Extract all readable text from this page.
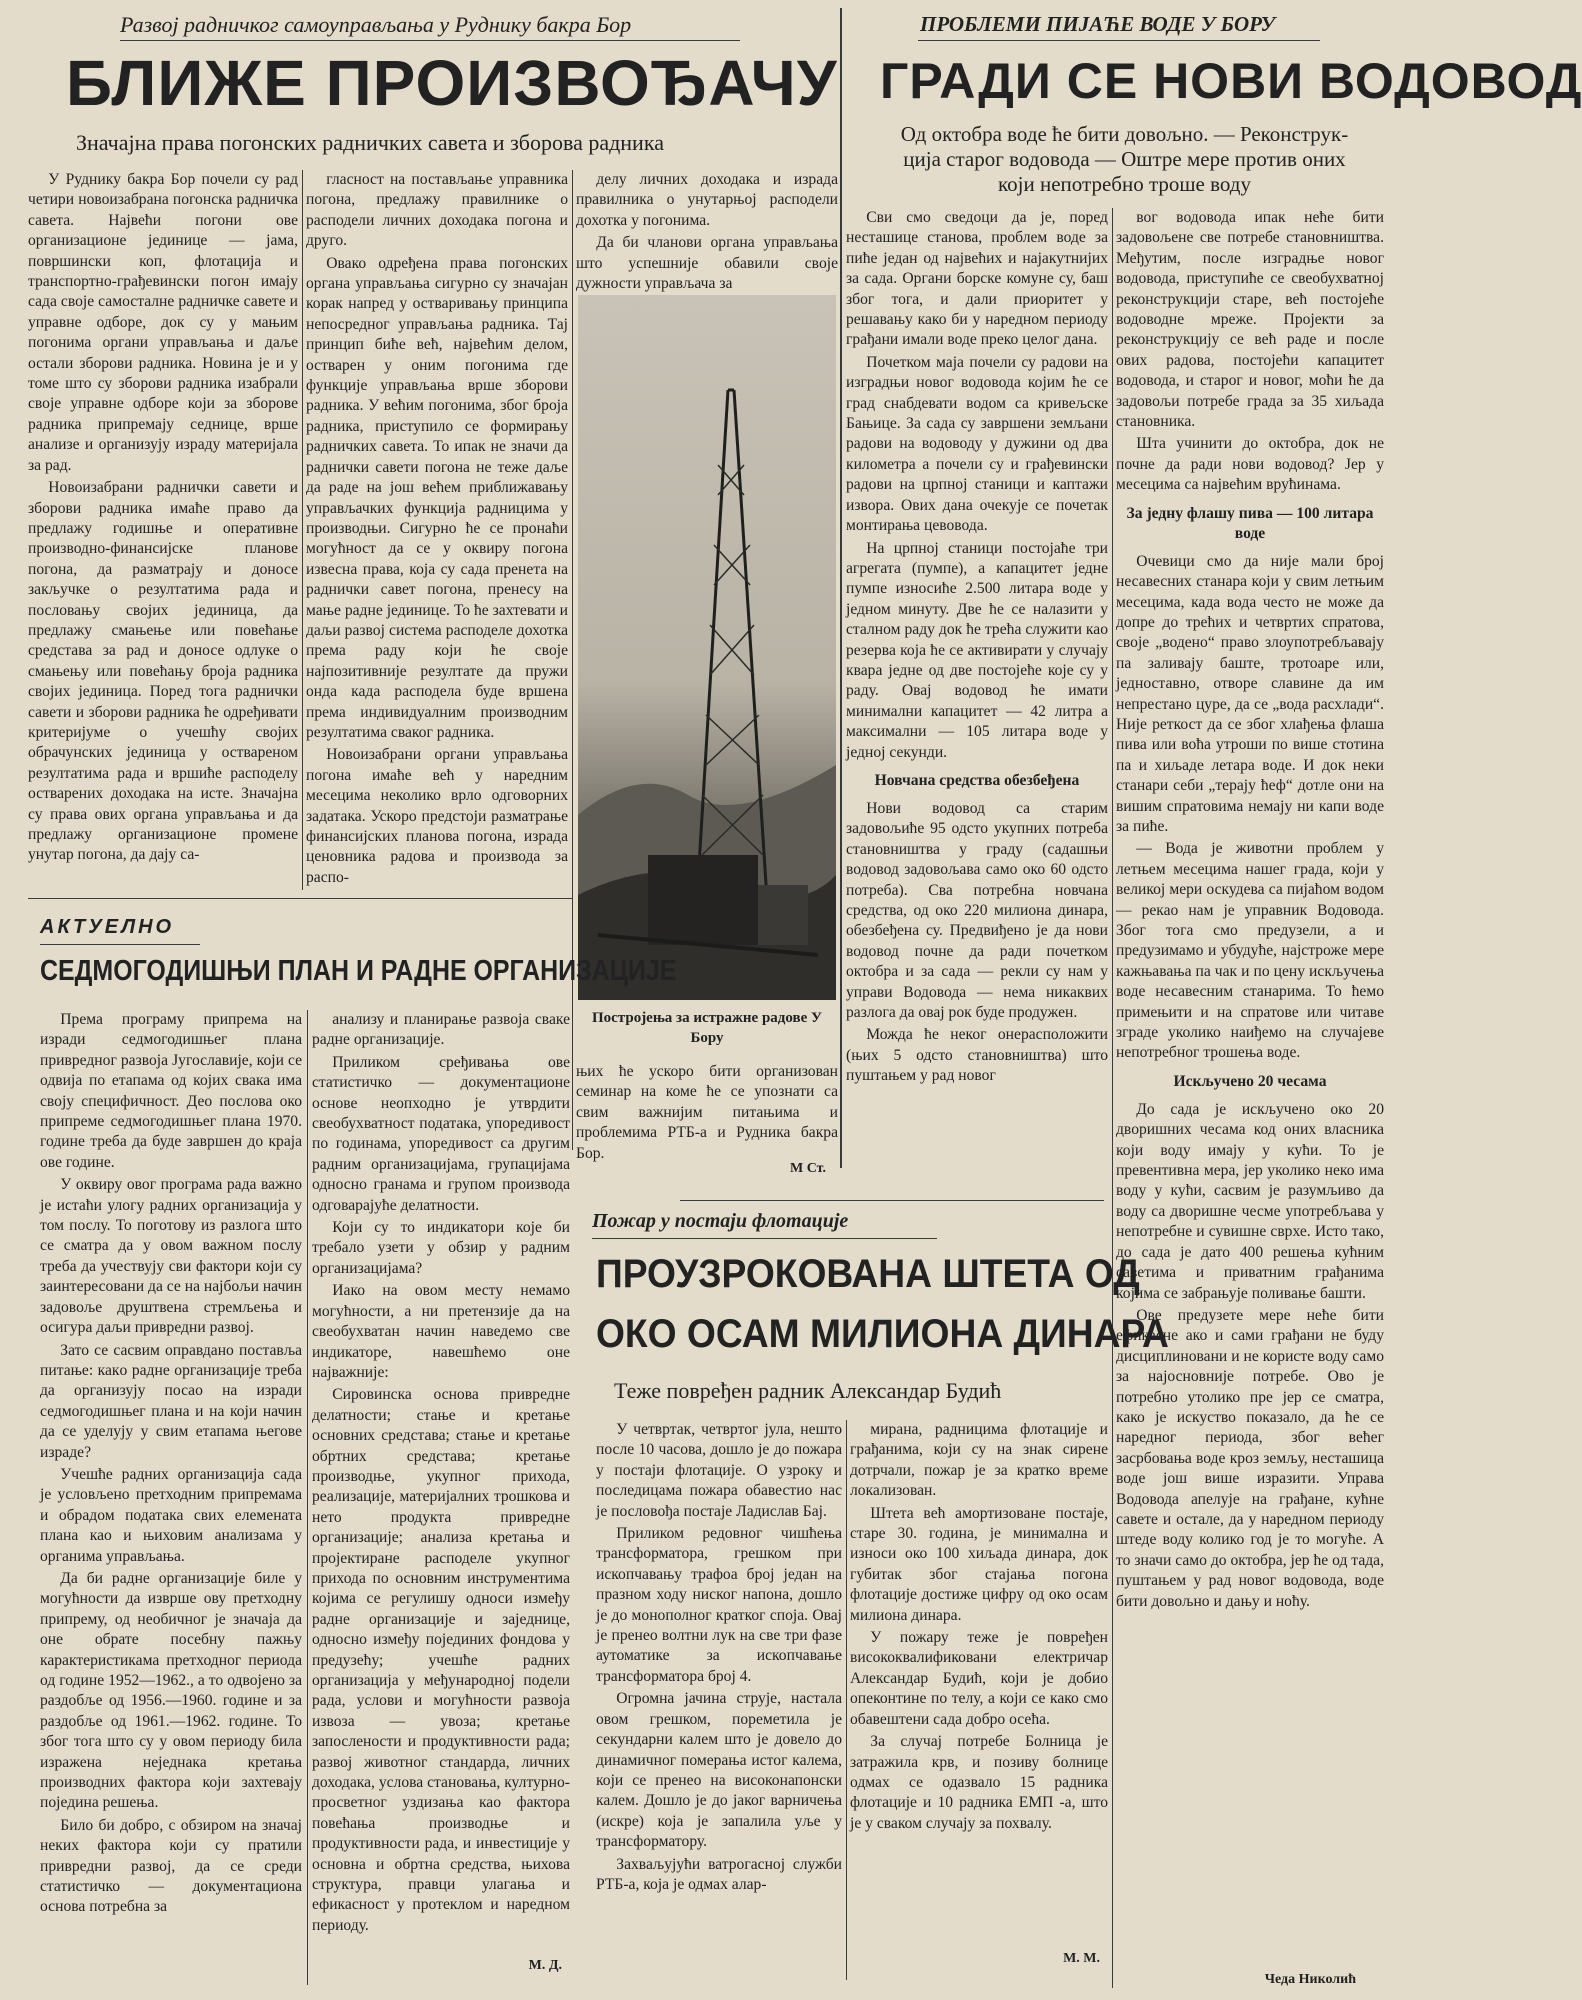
Развој радничког самоуправљања у Руднику бакра Бор
БЛИЖЕ ПРОИЗВОЂАЧУ
Значајна права погонских радничких савета и зборова радника

У Руднику бакра Бор почели су рад четири новоизабрана погонска радничка савета. Највећи погони ове организационе јединице — јама, површински коп, флотација и транспортно-грађевински погон имају сада своје самосталне радничке савете и управне одборе, док су у мањим погонима органи управљања и даље остали збoрови радника. Новина је и у томе што су зборови радника изабрали своје управне одборе који за зборове радника припремају седнице, врше анализе и организују израду материјала за рад.

Новоизабрани раднички савети и зборови радника имаће право да предлажу годишње и оперативне производно-финансијске планове погона, да разматрају и доносе закључке о резултатима рада и пословању својих јединица, да предлажу смањење или повећање средстава за рад и доносе одлуке о смањењу или повећању броја радника својих јединица. Поред тога раднички савети и зборови радника ће одређивати критеријуме о учешћу својих обрачунских јединица у оствареном резултатима рада и вршиће расподелу остварених доходака на исте. Значајна су права ових органа управљања и да предлажу организационе промене унутар погона, да дају са-

гласност на постављање управника погона, предлажу правилнике о расподели личних доходака погона и друго.

Овако одређена права погонских органа управљања сигурно су значајан корак напред у остваривању принципа непосредног управљања радника. Тај принцип биће већ, највећим делом, остварен у оним погонима где функције управљања врше зборови радника. У већим погонима, због броја радника, приступило се формирању радничких савета. То ипак не значи да раднички савети погона не теже даље да раде на још већем приближавању управљачких функција радницима у производњи. Сигурно ће се пронаћи могућност да се у оквиру погона извесна права, која су сада пренета на раднички савет погона, пренесу на мање радне јединице. То ће захтевати и даљи развој система расподеле дохотка према раду који ће своје најпозитивније резултате да пружи онда када расподела буде вршена према индивидуалним производним резултатима сваког радника.

Новоизабрани органи управљања погона имаће већ у наредним месецима неколико врло одговорних задатака. Ускоро предстоји разматрање финансијских планова погона, израда ценовника радова и производа за распо-

делу личних доходака и израда правилника о унутарњој расподели дохотка у погонима.

Да би чланови органа управљања што успешније обавили своје дужности управљача за

Постројења за истражне радове У Бору

њих ће ускоро бити организован семинар на коме ће се упознати са свим важнијим питањима и проблемима РТБ-а и Рудника бакра Бор.

М Ст.
ПРОБЛЕМИ ПИЈАЋЕ ВОДЕ У БОРУ
ГРАДИ СЕ НОВИ ВОДОВОД
Од октобра воде ће бити довољно. — Реконструк-
ција старог водовода — Оштре мере против оних
који непотребно троше воду

Сви смо сведоци да је, поред несташице станова, проблем воде за пиће један од највећих и најакутнијих за сада. Органи борске комуне су, баш због тога, и дали приоритет у решавању како би у наредном периоду грађани имали воде преко целог дана.

Почетком маја почели су радови на изградњи новог водовода којим ће се град снабдевати водом са кривељске Бањице. За сада су завршени земљани радови на водоводу у дужини од два километра а почели су и грађевински радови на црпној станици и каптажи извора. Ових дана очекује се почетак монтирања цевовода.

На црпној станици постојаће три агрегата (пумпе), а капацитет једне пумпе износиће 2.500 литара воде у једном минуту. Две ће се налазити у сталном раду док ће трећа служити као резерва која ће се активирати у случају квара једне од две постојеће које су у раду. Овај водовод ће имати минимални капацитет — 42 литра а максимални — 105 литара воде у једној секунди.

Новчана средства обезбеђена

Нови водовод са старим задовољиће 95 одсто укупних потреба становништва у граду (садашњи водовод задовољава само око 60 одсто потреба). Сва потребна новчана средства, од око 220 милиона динара, обезбеђена су. Предвиђено је да нови водовод почне да ради почетком октобра и за сада — рекли су нам у управи Водовода — нема никаквих разлога да овај рок буде продужен.

Можда ће неког онерасположити (њих 5 одсто становништва) што пуштањем у рад новог

вог водовода ипак неће бити задовољене све потребе становништва. Међутим, после изградње новог водовода, приступиће се свеобухватној реконструкцији старе, већ постојеће водоводне мреже. Пројекти за реконструкцију се већ раде и после ових радова, постојећи капацитет водовода, и старог и новог, моћи ће да задовољи потребе града за 35 хиљада становника.

Шта учинити до октобра, док не почне да ради нови водовод? Јер у месецима са највећим врућинама.

За једну флашу пива — 100 литара воде

Очевици смо да није мали број несавесних станара који у свим летњим месецима, када вода често не може да допре до трећих и четвртих спратова, своје „водено“ право злоупотребљавају па заливају баште, тротоаре или, једноставно, отворе славине да им непрестано цуре, да се „вода расхлади“. Није реткост да се због хлађења флаша пива или воћа утроши по више стотина па и хиљаде летара воде. И док неки станари себи „терају ћеф“ дотле они на вишим спратовима немају ни капи воде за пиће.

— Вода је животни проблем у летњем месецима нашег града, који у великој мери оскудева са пијаћом водом — рекао нам је управник Водовода. Због тога смо предузели, а и предузимамо и убудуће, најстроже мере кажњавања па чак и по цену искључења воде несавесним станарима. То ћемо примењити и на спратове или читаве зграде уколико наиђемо на случајеве непотребног трошења воде.

Искључено 20 чесама

До сада је искључено око 20 дворишних чесама код оних власника који воду имају у кући. То је превентивна мера, јер уколико нeко има воду у кући, сасвим је разумљиво да воду са дворишне чесме употребљава у непотребне и сувишне сврхе. Исто тако, до сада је дато 400 решења кућним саветима и приватним грађанима којима се забрањује поливање башти.

Ове предузете мере неће бити ефикасне ако и сами грађани не буду дисциплиновани и не користе воду само за најосновније потребе. Ово је потребно утолико пре јер се сматра, како је искуство показало, да ће се наредног периода, због већег засрбовања воде кроз земљу, несташица воде још више изразити. Управа Водовода апелује на грађане, кућне савете и остале, да у наредном периоду штеде воду колико год је то могуће. А то значи само до октобра, јер ће од тада, пуштањем у рад новог водовода, воде бити довољно и дању и ноћу.

Чеда Николић
АКТУЕЛНО
СЕДМОГОДИШЊИ ПЛАН И РАДНЕ ОРГАНИЗАЦИЈЕ

Према програму припрема на изради седмогодишњег плана привредног развоја Југославије, који се одвија по етапама од којих свака има своју специфичност. Део послова око припреме седмогодишњег плана 1970. године треба да буде завршен до краја ове године.

У оквиру овог програма рада важно је истаћи улогу радних организација у том послу. То поготову из разлога што се сматра да у овом важном послу треба да учествују сви фактори који су заинтересовани да се на најбољи начин задовоље друштвена стремљења и осигура даљи привредни развој.

Зато се сасвим оправдано поставља питање: какo радне организације треба да организују посао на изради седмогодишњег плана и на који начин да се уделују у свим етапама његове израде?

Учешће радних организација сада је условљено претходним припремама и обрадом података свих елемената плана као и њиховим анализама у органима управљања.

Да би радне организације биле у могућности да изврше ову претходну припрему, од необичног је значаја да оне обрате посебну пажњу карактеристикама претходног периода од године 1952—1962., а то одвојено за раздобље од 1956.—1960. године и за раздобље од 1961.—1962. године. То због тога што су у овом периоду била изражена неједнака кретања производних фактора који захтевају поједина решења.

Било би добро, с обзиром на значај неких фактора који су пратили привредни развој, да се среди статистичко — документациона основа потребна за

анализу и планирање развоја сваке радне организације.

Приликом сређивања ове статистичко — документационе основе неопходно је утврдити свеобухватност података, упоредивост по годинама, упоредивост са другим радним организацијама, групацијама односно гранама и групом производа одговарајуће делатности.

Који су то индикатори које би требало узети у обзир у радним организацијама?

Иако на овом месту немамо могућности, а ни претензије да на свеобухватан начин наведемо све индикаторе, навешћемо оне најважније:

Сировинска основа привредне делатности; стање и кретање основних средстава; стање и кретање обртних средстава; кретање производње, укупног прихода, реализације, материјалних трошкова и нето продукта привредне организације; анализа кретања и пројектиране расподеле укупног прихода по основним инструментима којима се регулишу односи између радне организације и заједнице, односно између појединих фондова у предузећу; учешће радних организација у међународној подели рада, услови и могућности развоја извоза — увоза; кретање запослености и продуктивности рада; развој животног стандарда, личних доходака, услова становања, културно-просветног уздизања као фактора повећања производње и продуктивности рада, и инвестиције у основна и обртна средства, њихова структура, правци улагања и ефикасност у протеклом и наредном периоду.

М. Д.
Пожар у постаји флотације
ПРОУЗРОКОВАНА ШТЕТА ОД
ОКО ОСАМ МИЛИОНА ДИНАРА
Теже повређен радник Александар Будић

У четвртак, четвртог јула, нешто после 10 часова, дошло је до пожара у постаји флотације. О узроку и последицама пожара обавестио нас је пословођа постаје Ладислав Бај.

Приликом редовног чишћења трансформатора, грешком при ископчавању трафоа број један на празном ходу ниског напона, дошло је до монополног кратког споја. Овај је пренео волтни лук на све три фазе аутоматике за ископчавање трансформатора број 4.

Огромна јачина струје, настала овом грешком, пореметила је секундарни калем што је довело до динамичног померања истог калема, који се пренео на високонапонски калем. Дошло је до јаког варничења (искре) која је запалила уље у трансформатору.

Захваљујући ватрогасној служби РТБ-а, која је одмах алар-

мирана, радницима флотације и грађанима, који су на знак сирене дотрчали, пожар је за кратко време локализован.

Штета већ амортизоване постаје, старе 30. година, је минимална и износи око 100 хиљада динара, док губитак због стајања погона флотације достиже цифру од око осам милиона динара.

У пожару теже је повређен висококвалификовани електричар Александар Будић, који је добио опеконтине по телу, а који се како смо обавештени сада добро осећа.

За случај потребе Болница је затражила крв, и позиву болнице одмах се одазвало 15 радника флотације и 10 радника ЕМП -а, што је у сваком случају за похвалу.

М. М.
